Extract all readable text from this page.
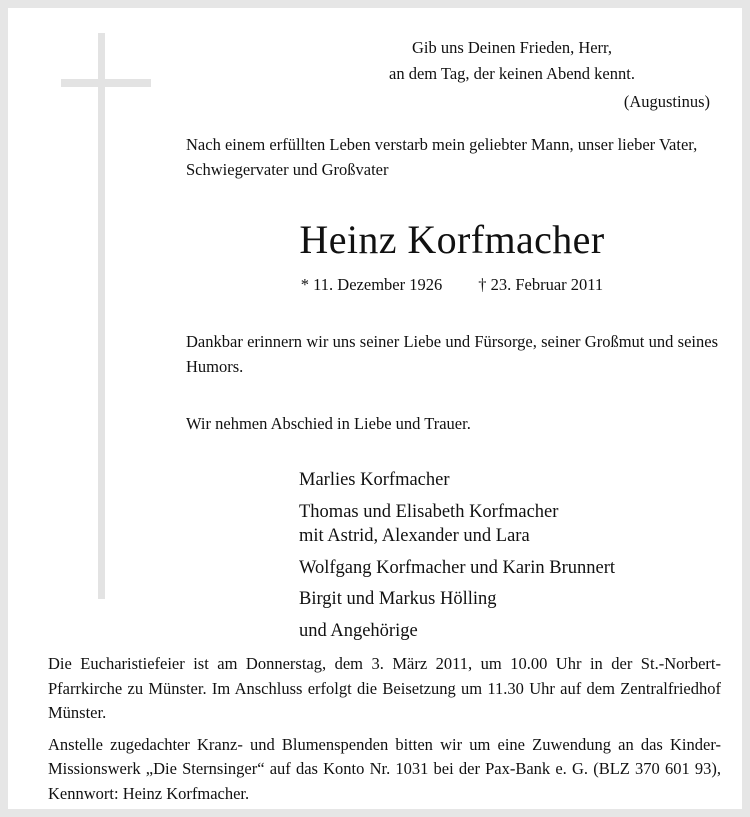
Gib uns Deinen Frieden, Herr,
an dem Tag, der keinen Abend kennt.
(Augustinus)

Nach einem erfüllten Leben verstarb mein geliebter Mann, unser lieber Vater, Schwiegervater und Großvater

Heinz Korfmacher

* 11. Dezember 1926 † 23. Februar 2011

Dankbar erinnern wir uns seiner Liebe und Fürsorge, seiner Großmut und seines Humors.

Wir nehmen Abschied in Liebe und Trauer.

Marlies Korfmacher
Thomas und Elisabeth Korfmacher
mit Astrid, Alexander und Lara
Wolfgang Korfmacher und Karin Brunnert
Birgit und Markus Hölling
und Angehörige

Die Eucharistiefeier ist am Donnerstag, dem 3. März 2011, um 10.00 Uhr in der St.-Norbert-Pfarrkirche zu Münster. Im Anschluss erfolgt die Beisetzung um 11.30 Uhr auf dem Zentralfriedhof Münster.

Anstelle zugedachter Kranz- und Blumenspenden bitten wir um eine Zuwendung an das Kinder-Missionswerk „Die Sternsinger“ auf das Konto Nr. 1031 bei der Pax-Bank e. G. (BLZ 370 601 93), Kennwort: Heinz Korfmacher.
